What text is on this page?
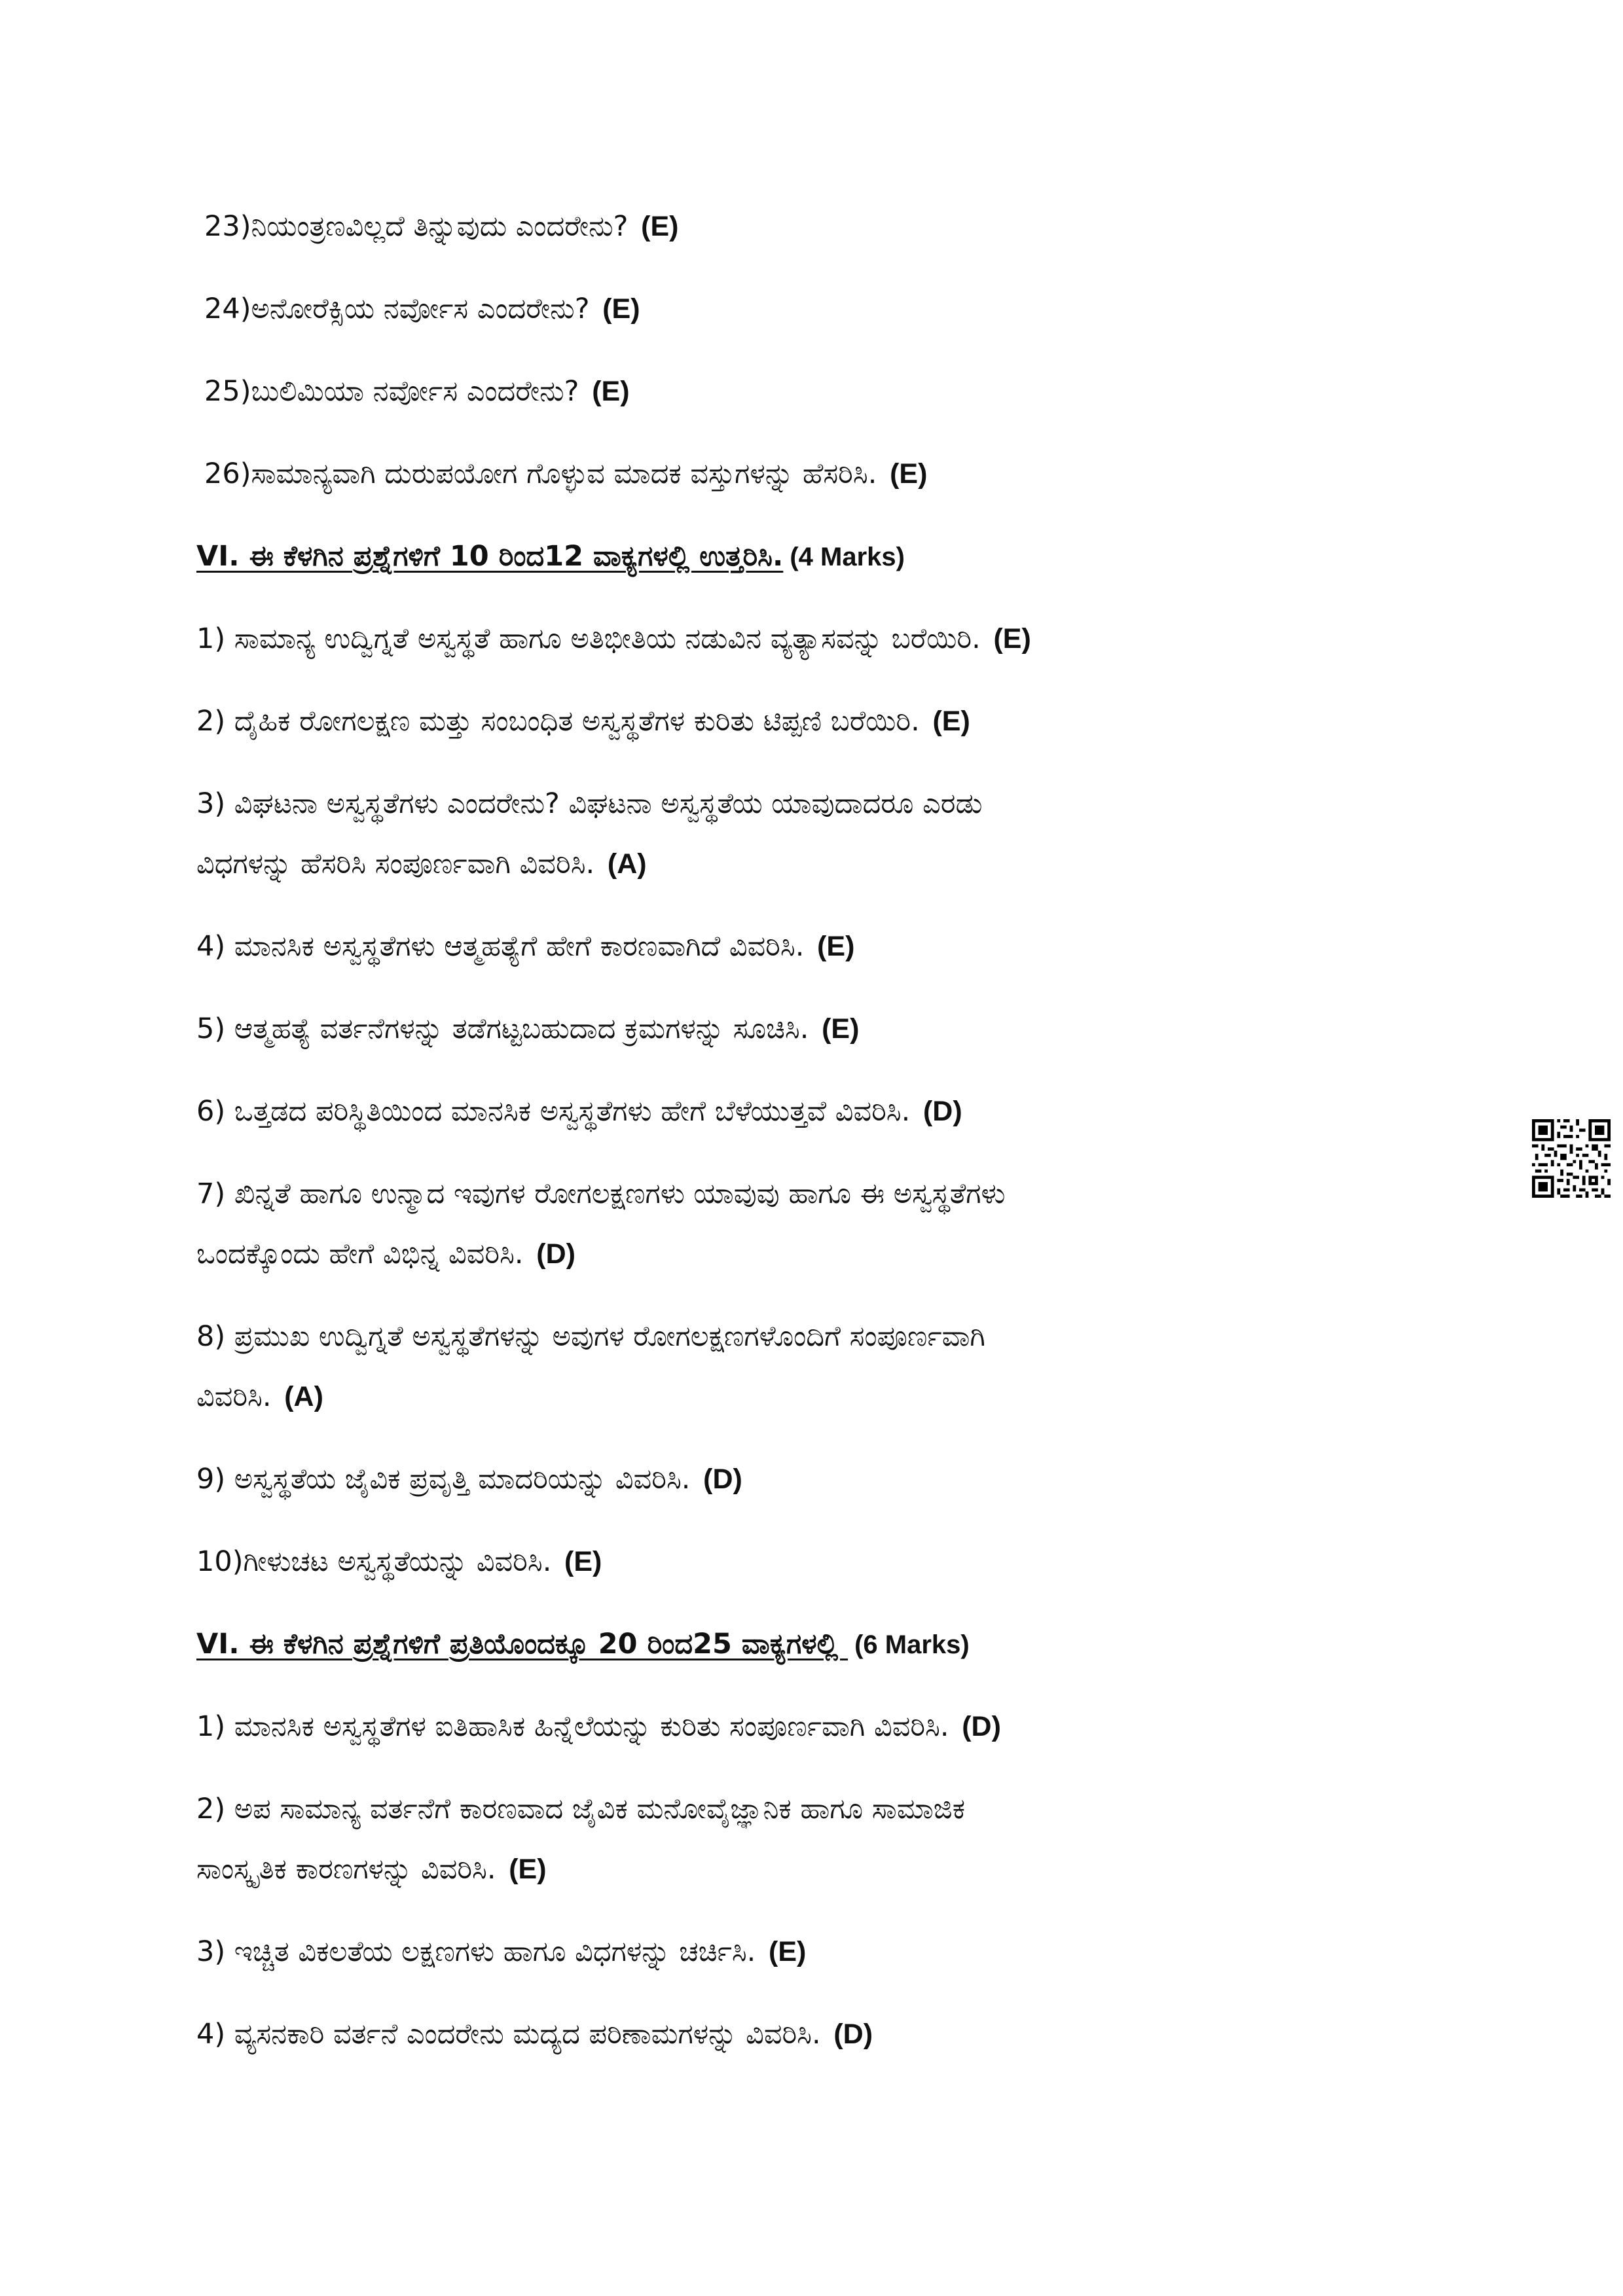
23)ನಿಯಂತ್ರಣವಿಲ್ಲದೆ ತಿನ್ನುವುದು ಎಂದರೇನು? (E)
24)ಅನೋರೆಕ್ಸಿಯ ನರ್ವೋಸ ಎಂದರೇನು? (E)
25)ಬುಲಿಮಿಯಾ ನರ್ವೋಸ ಎಂದರೇನು? (E)
26)ಸಾಮಾನ್ಯವಾಗಿ ದುರುಪಯೋಗ ಗೊಳ್ಳುವ ಮಾದಕ ವಸ್ತುಗಳನ್ನು ಹೆಸರಿಸಿ. (E)
VI. ಈ ಕೆಳಗಿನ ಪ್ರಶ್ನೆಗಳಿಗೆ 10 ರಿಂದ12 ವಾಕ್ಯಗಳಲ್ಲಿ ಉತ್ತರಿಸಿ. (4 Marks)
1) ಸಾಮಾನ್ಯ ಉದ್ವಿಗ್ನತೆ ಅಸ್ವಸ್ಥತೆ ಹಾಗೂ ಅತಿಭೀತಿಯ ನಡುವಿನ ವ್ಯತ್ಯಾಸವನ್ನು ಬರೆಯಿರಿ. (E)
2) ದೈಹಿಕ ರೋಗಲಕ್ಷಣ ಮತ್ತು ಸಂಬಂಧಿತ ಅಸ್ವಸ್ಥತೆಗಳ ಕುರಿತು ಟಿಪ್ಪಣಿ ಬರೆಯಿರಿ. (E)
3) ವಿಘಟನಾ ಅಸ್ವಸ್ಥತೆಗಳು ಎಂದರೇನು? ವಿಘಟನಾ ಅಸ್ವಸ್ಥತೆಯ ಯಾವುದಾದರೂ ಎರಡು
ವಿಧಗಳನ್ನು ಹೆಸರಿಸಿ ಸಂಪೂರ್ಣವಾಗಿ ವಿವರಿಸಿ. (A)
4) ಮಾನಸಿಕ ಅಸ್ವಸ್ಥತೆಗಳು ಆತ್ಮಹತ್ಯೆಗೆ ಹೇಗೆ ಕಾರಣವಾಗಿದೆ ವಿವರಿಸಿ. (E)
5) ಆತ್ಮಹತ್ಯೆ ವರ್ತನೆಗಳನ್ನು ತಡೆಗಟ್ಟಬಹುದಾದ ಕ್ರಮಗಳನ್ನು ಸೂಚಿಸಿ. (E)
6) ಒತ್ತಡದ ಪರಿಸ್ಥಿತಿಯಿಂದ ಮಾನಸಿಕ ಅಸ್ವಸ್ಥತೆಗಳು ಹೇಗೆ ಬೆಳೆಯುತ್ತವೆ ವಿವರಿಸಿ. (D)
7) ಖಿನ್ನತೆ ಹಾಗೂ ಉನ್ಮಾದ ಇವುಗಳ ರೋಗಲಕ್ಷಣಗಳು ಯಾವುವು ಹಾಗೂ ಈ ಅಸ್ವಸ್ಥತೆಗಳು
ಒಂದಕ್ಕೊಂದು ಹೇಗೆ ವಿಭಿನ್ನ ವಿವರಿಸಿ. (D)
8) ಪ್ರಮುಖ ಉದ್ವಿಗ್ನತೆ ಅಸ್ವಸ್ಥತೆಗಳನ್ನು ಅವುಗಳ ರೋಗಲಕ್ಷಣಗಳೊಂದಿಗೆ ಸಂಪೂರ್ಣವಾಗಿ
ವಿವರಿಸಿ. (A)
9) ಅಸ್ವಸ್ಥತೆಯ ಜೈವಿಕ ಪ್ರವೃತ್ತಿ ಮಾದರಿಯನ್ನು ವಿವರಿಸಿ. (D)
10)ಗೀಳುಚಟ ಅಸ್ವಸ್ಥತೆಯನ್ನು ವಿವರಿಸಿ. (E)
VI. ಈ ಕೆಳಗಿನ ಪ್ರಶ್ನೆಗಳಿಗೆ ಪ್ರತಿಯೊಂದಕ್ಕೂ 20 ರಿಂದ25 ವಾಕ್ಯಗಳಲ್ಲಿ (6 Marks)
1) ಮಾನಸಿಕ ಅಸ್ವಸ್ಥತೆಗಳ ಐತಿಹಾಸಿಕ ಹಿನ್ನೆಲೆಯನ್ನು ಕುರಿತು ಸಂಪೂರ್ಣವಾಗಿ ವಿವರಿಸಿ. (D)
2) ಅಪ ಸಾಮಾನ್ಯ ವರ್ತನೆಗೆ ಕಾರಣವಾದ ಜೈವಿಕ ಮನೋವೈಜ್ಞಾನಿಕ ಹಾಗೂ ಸಾಮಾಜಿಕ
ಸಾಂಸ್ಕೃತಿಕ ಕಾರಣಗಳನ್ನು ವಿವರಿಸಿ. (E)
3) ಇಚ್ಚಿತ ವಿಕಲತೆಯ ಲಕ್ಷಣಗಳು ಹಾಗೂ ವಿಧಗಳನ್ನು ಚರ್ಚಿಸಿ. (E)
4) ವ್ಯಸನಕಾರಿ ವರ್ತನೆ ಎಂದರೇನು ಮದ್ಯದ ಪರಿಣಾಮಗಳನ್ನು ವಿವರಿಸಿ. (D)
